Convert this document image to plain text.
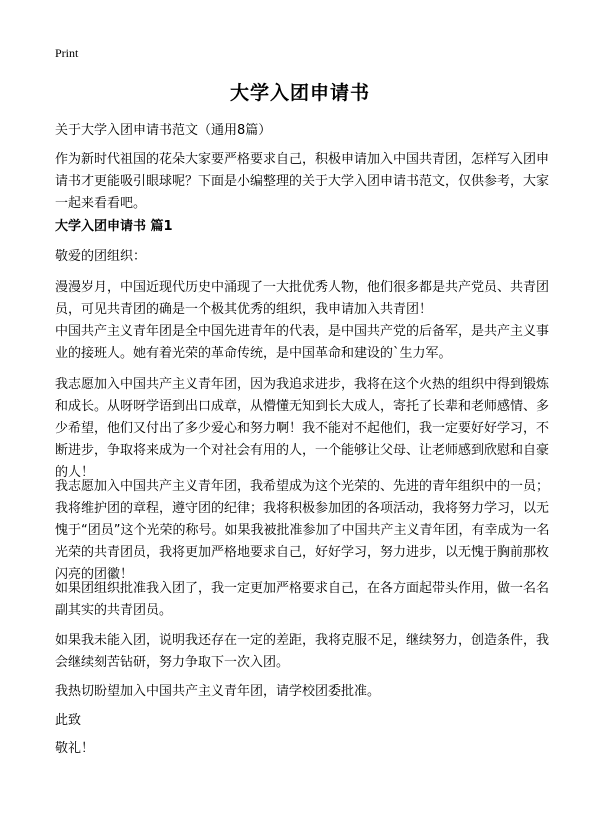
Print
大学入团申请书

关于大学入团申请书范文（通用8篇）

作为新时代祖国的花朵大家要严格要求自己，积极申请加入中国共青团，怎样写入团申请书才更能吸引眼球呢？下面是小编整理的关于大学入团申请书范文，仅供参考，大家一起来看看吧。

大学入团申请书 篇1

敬爱的团组织：

漫漫岁月，中国近现代历史中涌现了一大批优秀人物，他们很多都是共产党员、共青团员，可见共青团的确是一个极其优秀的组织，我申请加入共青团！

中国共产主义青年团是全中国先进青年的代表，是中国共产党的后备军，是共产主义事业的接班人。她有着光荣的革命传统，是中国革命和建设的`生力军。

我志愿加入中国共产主义青年团，因为我追求进步，我将在这个火热的组织中得到锻炼和成长。从呀呀学语到出口成章，从懵懂无知到长大成人，寄托了长辈和老师感情、多少希望，他们又付出了多少爱心和努力啊！我不能对不起他们，我一定要好好学习，不断进步，争取将来成为一个对社会有用的人，一个能够让父母、让老师感到欣慰和自豪的人！

我志愿加入中国共产主义青年团，我希望成为这个光荣的、先进的青年组织中的一员；我将维护团的章程，遵守团的纪律；我将积极参加团的各项活动，我将努力学习，以无愧于“团员”这个光荣的称号。如果我被批准参加了中国共产主义青年团，有幸成为一名光荣的共青团员，我将更加严格地要求自己，好好学习，努力进步，以无愧于胸前那枚闪亮的团徽！

如果团组织批准我入团了，我一定更加严格要求自己，在各方面起带头作用，做一名名副其实的共青团员。

如果我未能入团，说明我还存在一定的差距，我将克服不足，继续努力，创造条件，我会继续刻苦钻研，努力争取下一次入团。

我热切盼望加入中国共产主义青年团，请学校团委批准。

此致

敬礼！
